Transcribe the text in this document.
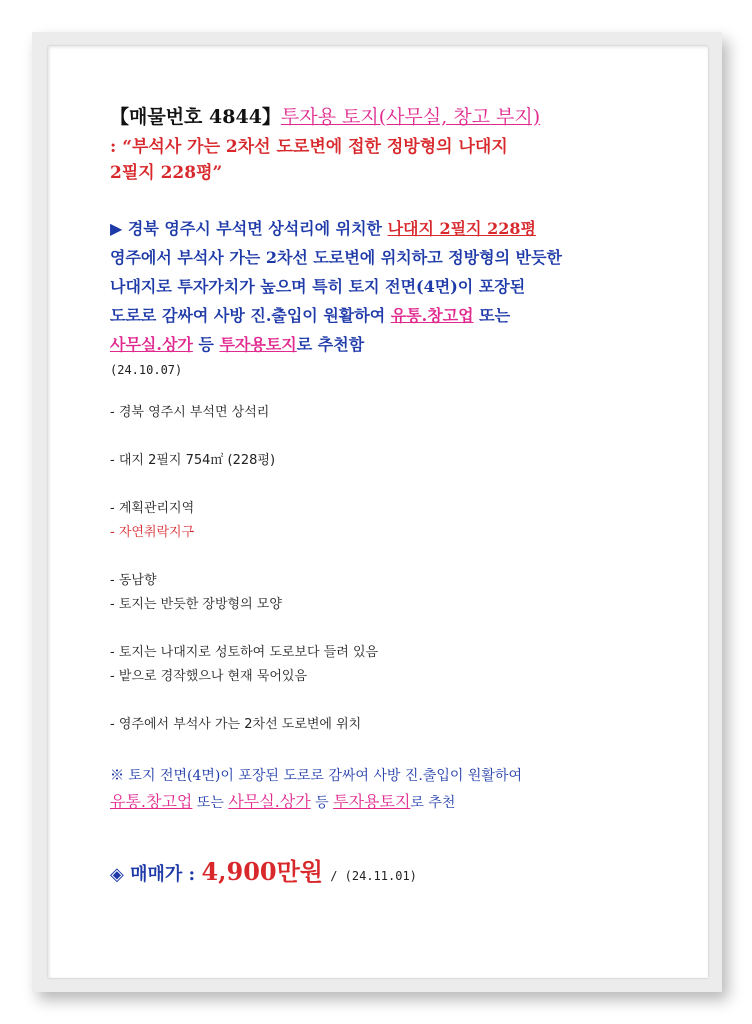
【매물번호 4844】투자용 토지(사무실, 창고 부지)
: “부석사 가는 2차선 도로변에 접한 정방형의 나대지
2필지 228평”
▶ 경북 영주시 부석면 상석리에 위치한 나대지 2필지 228평
영주에서 부석사 가는 2차선 도로변에 위치하고 정방형의 반듯한
나대지로 투자가치가 높으며 특히 토지 전면(4면)이 포장된
도로로 감싸여 사방 진.출입이 원활하여 유통.창고업 또는
사무실.상가 등 투자용토지로 추천함
(24.10.07)
- 경북 영주시 부석면 상석리
- 대지 2필지 754㎡ (228평)
- 계획관리지역
- 자연취락지구
- 동남향
- 토지는 반듯한 장방형의 모양
- 토지는 나대지로 성토하여 도로보다 들려 있음
- 밭으로 경작했으나 현재 묵어있음
- 영주에서 부석사 가는 2차선 도로변에 위치
※ 토지 전면(4면)이 포장된 도로로 감싸여 사방 진.출입이 원활하여
유통.창고업 또는 사무실.상가 등 투자용토지로 추천
◈ 매매가 : 4,900만원 / (24.11.01)
